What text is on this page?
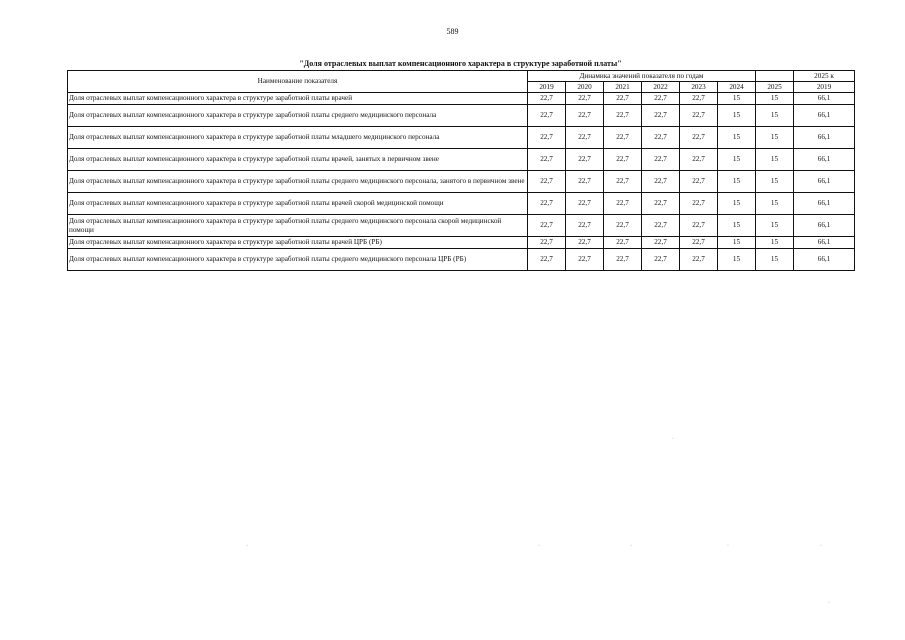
589
"Доля отраслевых выплат компенсационного характера в структуре заработной платы"
Наименование показателя	Динамика значений показателя по годам							2025 к
	2019	2020	2021	2022	2023	2024	2025	2019
Доля отраслевых выплат компенсационного характера в структуре заработной платы врачей	22,7	22,7	22,7	22,7	22,7	15	15	66,1
Доля отраслевых выплат компенсационного характера в структуре заработной платы среднего медицинского персонала	22,7	22,7	22,7	22,7	22,7	15	15	66,1
Доля отраслевых выплат компенсационного характера в структуре заработной платы младшего медицинского персонала	22,7	22,7	22,7	22,7	22,7	15	15	66,1
Доля отраслевых выплат компенсационного характера в структуре заработной платы врачей, занятых в первичном звене	22,7	22,7	22,7	22,7	22,7	15	15	66,1
Доля отраслевых выплат компенсационного характера в структуре заработной платы среднего медицинского персонала, занятого в первичном звене	22,7	22,7	22,7	22,7	22,7	15	15	66,1
Доля отраслевых выплат компенсационного характера в структуре заработной платы врачей скорой медицинской помощи	22,7	22,7	22,7	22,7	22,7	15	15	66,1
Доля отраслевых выплат компенсационного характера в структуре заработной платы среднего медицинского персонала скорой медицинской помощи	22,7	22,7	22,7	22,7	22,7	15	15	66,1
Доля отраслевых выплат компенсационного характера в структуре заработной платы врачей ЦРБ (РБ)	22,7	22,7	22,7	22,7	22,7	15	15	66,1
Доля отраслевых выплат компенсационного характера в структуре заработной платы среднего медицинского персонала ЦРБ (РБ)	22,7	22,7	22,7	22,7	22,7	15	15	66,1
·	·	·	·	·
·
·
